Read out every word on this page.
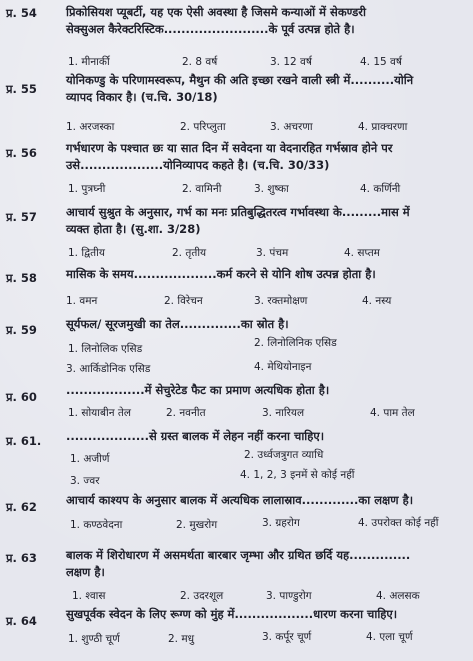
प्र. 54	प्रिकोसियश प्यूबर्टी, यह एक ऐसी अवस्था है जिसमे कन्याओं में सेकण्डरी
सेक्सुअल कैरेक्टरिस्टिक........................के पूर्व उत्पन्न होते है।
1. मीनार्की	2. 8 वर्ष	3. 12 वर्ष	4. 15 वर्ष
प्र. 55
योनिकण्डु के परिणामस्वरूप, मैथुन की अति इच्छा रखने वाली स्त्री में..........योनि
व्यापद विकार है। (च.चि. 30/18)
1. अरजस्का	2. परिप्लुता	3. अचरणा	4. प्राक्चरणा
प्र. 56	गर्भधारण के पश्चात छः या सात दिन में सवेदना या वेदनारहित गर्भस्राव होने पर
उसे...................योनिव्यापद कहते है। (च.चि. 30/33)
1. पुत्रघ्नी	2. वामिनी	3. शुष्का	4. कर्णिनी
प्र. 57	आचार्य सुश्रुत के अनुसार, गर्भ का मनः प्रतिबुद्धितरत्व गर्भावस्था के.........मास में
व्यक्त होता है। (सु.शा. 3/28)
1. द्वितीय	2. तृतीय	3. पंचम	4. सप्तम
प्र. 58	मासिक के समय...................कर्म करने से योनि शोष उत्पन्न होता है।
1. वमन	2. विरेचन	3. रक्तमोक्षण	4. नस्य
प्र. 59	सूर्यफल/ सूरजमुखी का तेल..............का स्रोत है।
1. लिनोलिक एसिड	2. लिनोलिनिक एसिड
3. आर्किडोनिक एसिड	4. मेथियोनाइन
प्र. 60	..................में सेचुरेटेड फैट का प्रमाण अत्यधिक होता है।
1. सोयाबीन तेल	2. नवनीत	3. नारियल	4. पाम तेल
प्र. 61. ...................से ग्रस्त बालक में लेहन नहीं करना चाहिए।
1. अजीर्ण	2. उर्ध्वजत्रुगत व्याधि
3. ज्वर	4. 1, 2, 3 इनमें से कोई नहीं
प्र. 62	आचार्य काश्यप के अनुसार बालक में अत्यधिक लालास्राव.............का लक्षण है।
1. कण्ठवेदना	2. मुखरोग	3. ग्रहरोग	4. उपरोक्त कोई नहीं
प्र. 63	बालक में शिरोधारण में असमर्थता बारबार जृम्भा और ग्रथित छर्दि यह..............
लक्षण है।
1. श्वास	2. उदरशूल	3. पाण्डुरोग	4. अलसक
प्र. 64	सुखपूर्वक स्वेदन के लिए रूग्ण को मुंह में..................धारण करना चाहिए।
1. शुण्ठी चूर्ण	2. मधु	3. कर्पूर चूर्ण	4. एला चूर्ण
